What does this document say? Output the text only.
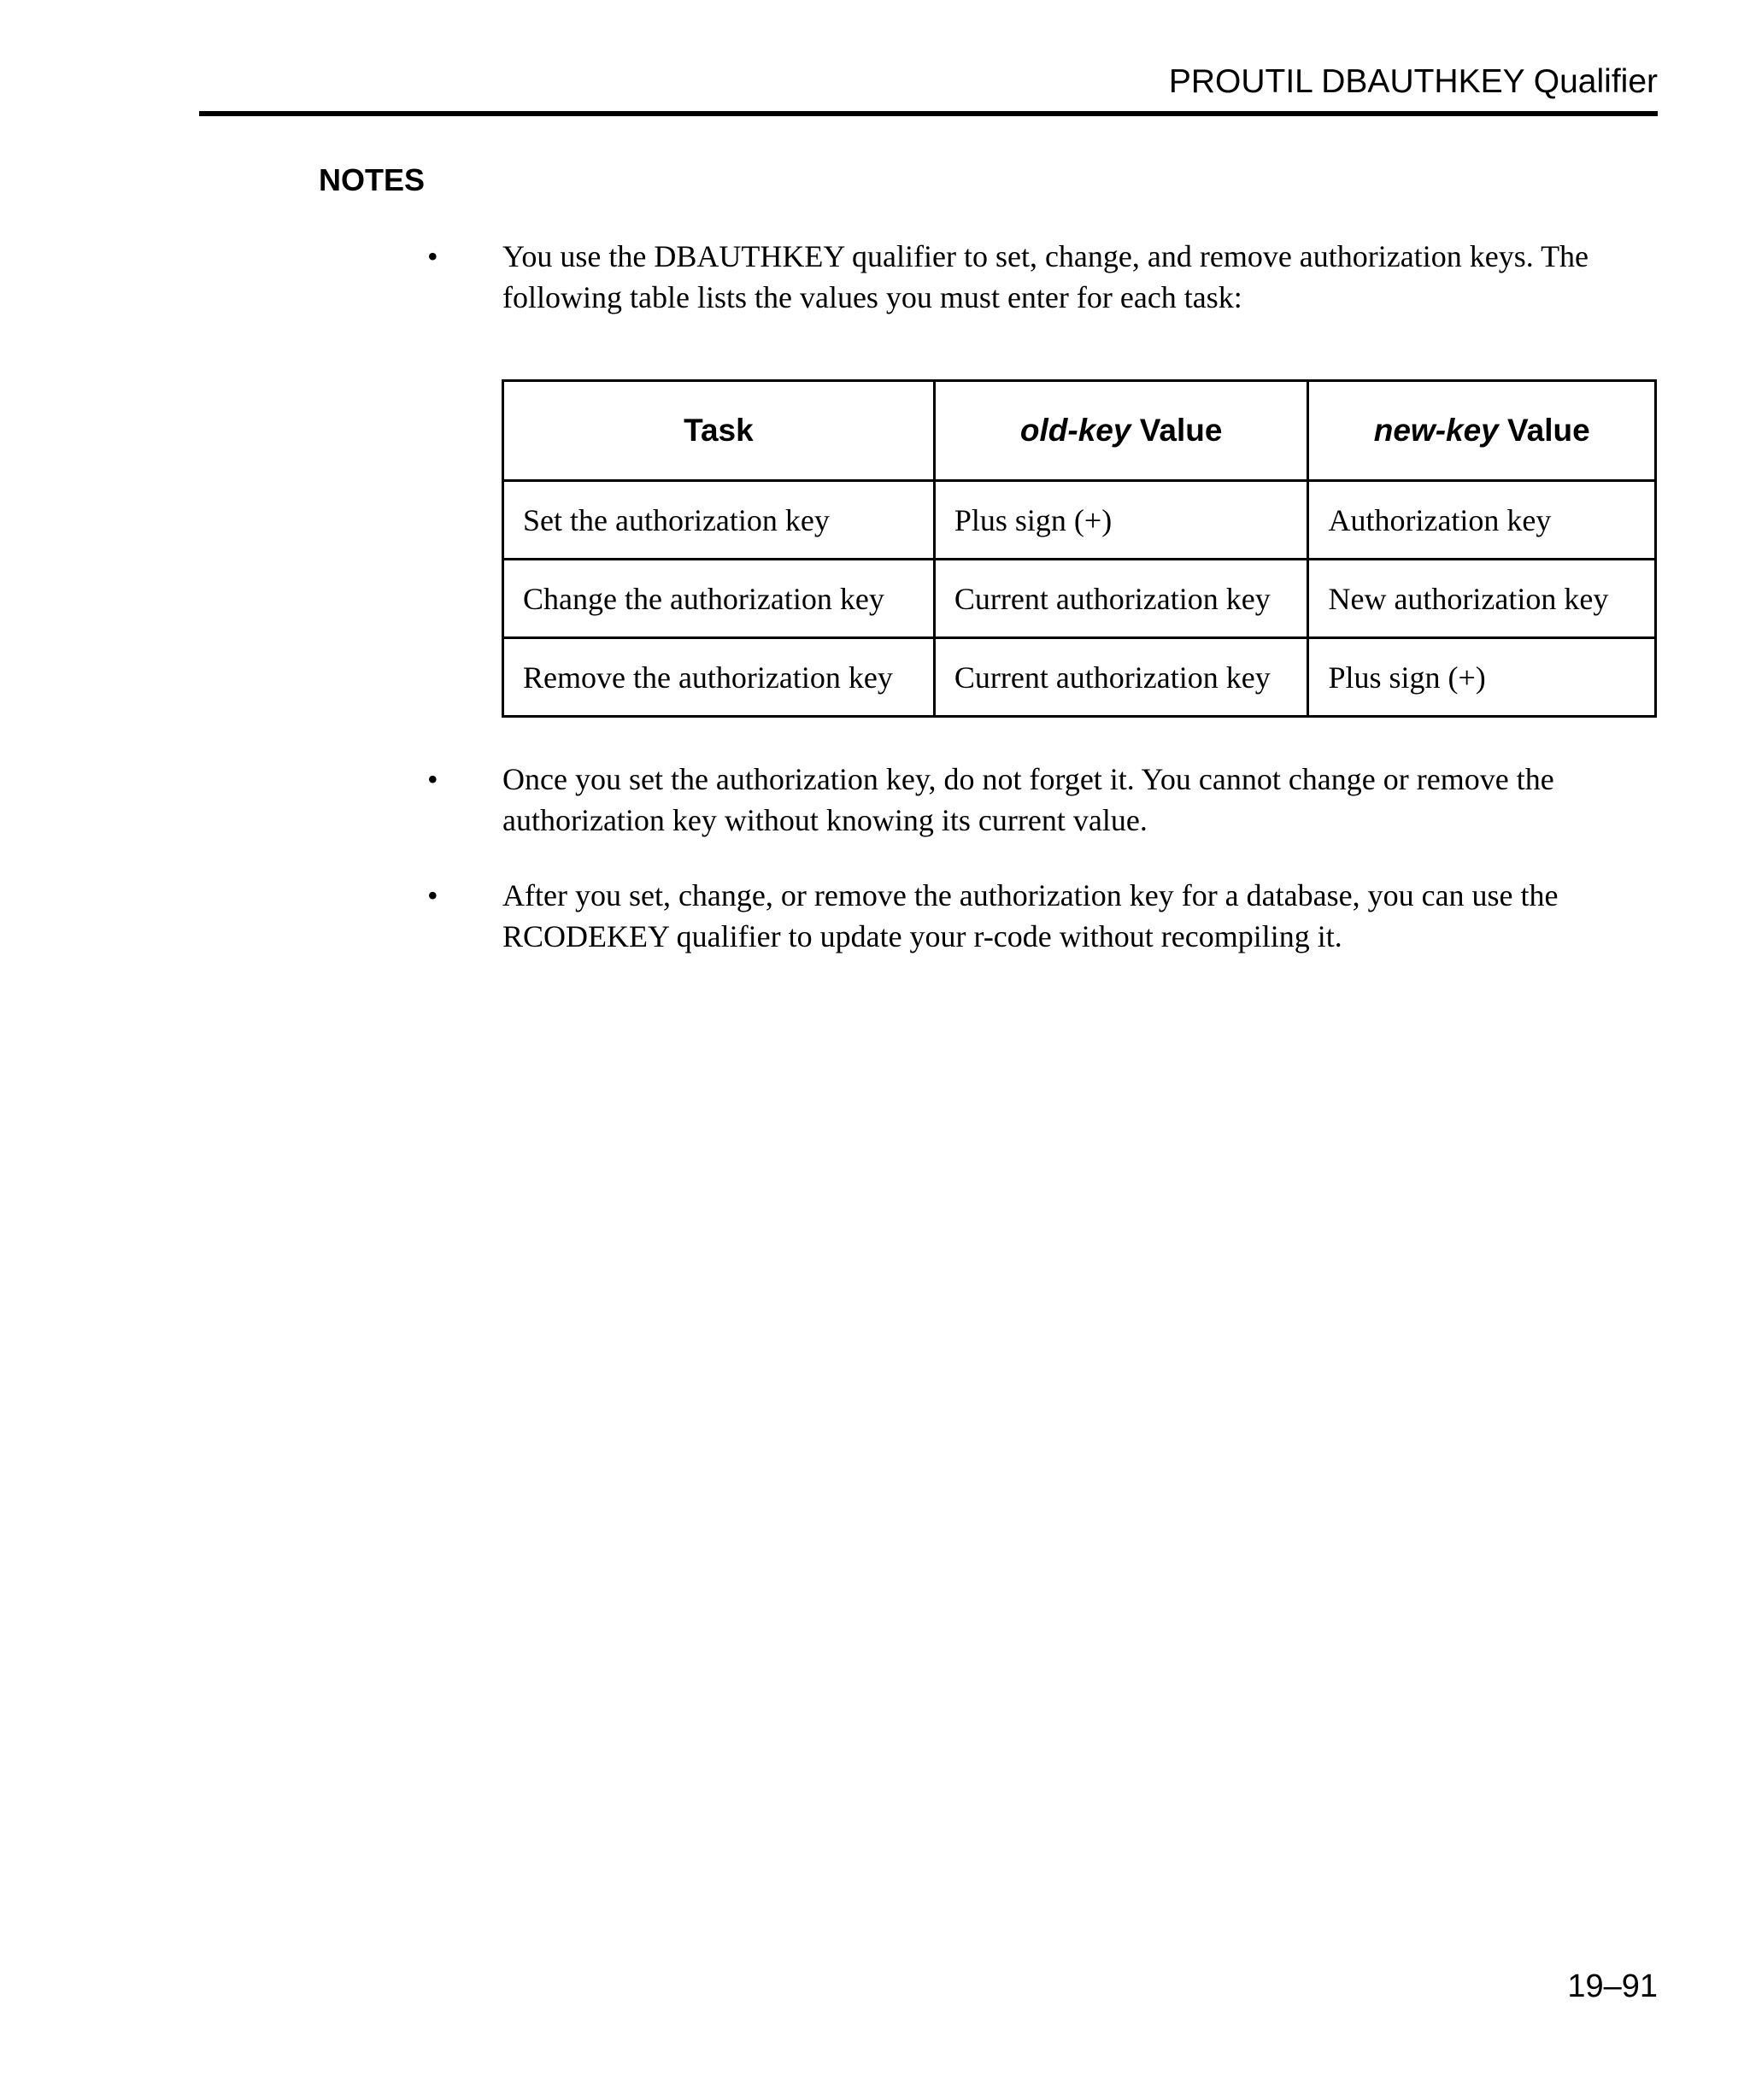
PROUTIL DBAUTHKEY Qualifier
NOTES
•	You use the DBAUTHKEY qualifier to set, change, and remove authorization keys. The following table lists the values you must enter for each task:
Task	old-key Value	new-key Value
Set the authorization key	Plus sign (+)	Authorization key
Change the authorization key	Current authorization key	New authorization key
Remove the authorization key	Current authorization key	Plus sign (+)
•	Once you set the authorization key, do not forget it. You cannot change or remove the authorization key without knowing its current value.
•	After you set, change, or remove the authorization key for a database, you can use the RCODEKEY qualifier to update your r-code without recompiling it.
19–91
